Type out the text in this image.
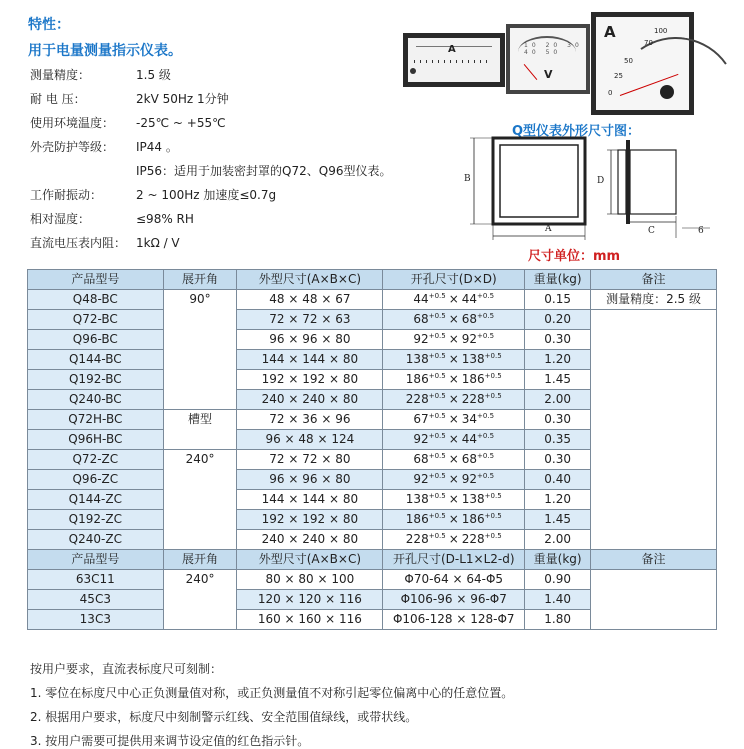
特性：
用于电量测量指示仪表。
测量精度：	1.5 级
耐 电 压：	2kV 50Hz 1分钟
使用环境温度： -25℃ ~ +55℃
外壳防护等级： IP44 。
IP56：适用于加装密封罩的Q72、Q96型仪表。
工作耐振动：	2 ~ 100Hz 加速度≤0.7g
相对湿度：	≤98% RH
直流电压表内阻： 1kΩ / V
A	10 20 30 40 50
V
A	100
70
50
25
0
Q型仪表外形尺寸图：
A
B
C
D
6
尺寸单位：mm
产品型号	展开角	外型尺寸(A×B×C)	开孔尺寸(D×D)	重量(kg)	备注
Q48-BC	90°	48 × 48 × 67	$44^{+0.5} \times 44^{+0.5}$	0.15	测量精度：2.5 级
Q72-BC		72 × 72 × 63	$68^{+0.5} \times 68^{+0.5}$	0.20	
Q96-BC		96 × 96 × 80	$92^{+0.5} \times 92^{+0.5}$	0.30	
Q144-BC		144 × 144 × 80	$138^{+0.5} \times 138^{+0.5}$	1.20	
Q192-BC		192 × 192 × 80	$186^{+0.5} \times 186^{+0.5}$	1.45	
Q240-BC		240 × 240 × 80	$228^{+0.5} \times 228^{+0.5}$	2.00	
Q72H-BC	槽型	72 × 36 × 96	$67^{+0.5} \times 34^{+0.5}$	0.30	
Q96H-BC		96 × 48 × 124	$92^{+0.5} \times 44^{+0.5}$	0.35	
Q72-ZC	240°	72 × 72 × 80	$68^{+0.5} \times 68^{+0.5}$	0.30	
Q96-ZC		96 × 96 × 80	$92^{+0.5} \times 92^{+0.5}$	0.40	
Q144-ZC		144 × 144 × 80	$138^{+0.5} \times 138^{+0.5}$	1.20	
Q192-ZC		192 × 192 × 80	$186^{+0.5} \times 186^{+0.5}$	1.45	
Q240-ZC		240 × 240 × 80	$228^{+0.5} \times 228^{+0.5}$	2.00	
产品型号	展开角	外型尺寸(A×B×C)	开孔尺寸(D-L1×L2-d)	重量(kg)	备注
63C11	240°	80 × 80 × 100	Φ70-64 × 64-Φ5	0.90	
45C3		120 × 120 × 116	Φ106-96 × 96-Φ7	1.40	
13C3		160 × 160 × 116	Φ106-128 × 128-Φ7	1.80	
按用户要求，直流表标度尺可刻制：
1. 零位在标度尺中心正负测量值对称，或正负测量值不对称引起零位偏离中心的任意位置。
2. 根据用户要求，标度尺中刻制警示红线、安全范围值绿线，或带状线。
3. 按用户需要可提供用来调节设定值的红色指示针。
